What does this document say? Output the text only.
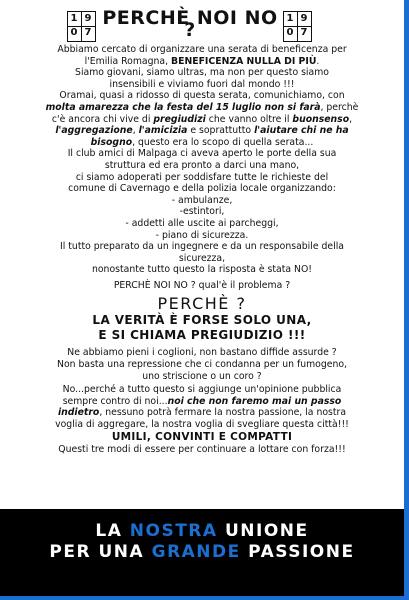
1 9
0 7
PERCHÈ NOI NO ?
1 9
0 7

Abbiamo cercato di organizzare una serata di beneficenza per

l'Emilia Romagna, BENEFICENZA NULLA DI PIÙ.

Siamo giovani, siamo ultras, ma non per questo siamo

insensibili e viviamo fuori dal mondo !!!

Oramai, quasi a ridosso di questa serata, comunichiamo, con

molta amarezza che la festa del 15 luglio non si farà, perchè

c'è ancora chi vive di pregiudizi che vanno oltre il buonsenso,

l'aggregazione, l'amicizia e soprattutto l'aiutare chi ne ha

bisogno, questo era lo scopo di quella serata...

Il club amici di Malpaga ci aveva aperto le porte della sua

struttura ed era pronto a darci una mano,

ci siamo adoperati per soddisfare tutte le richieste del

comune di Cavernago e della polizia locale organizzando:

- ambulanze,

-estintori,

- addetti alle uscite ai parcheggi,

- piano di sicurezza.

Il tutto preparato da un ingegnere e da un responsabile della

sicurezza,

nonostante tutto questo la risposta è stata NO!

PERCHÈ NOI NO ? qual'è il problema ?

PERCHÈ ?

LA VERITÀ È FORSE SOLO UNA,

E SI CHIAMA PREGIUDIZIO !!!

Ne abbiamo pieni i coglioni, non bastano diffide assurde ?

Non basta una repressione che ci condanna per un fumogeno,

uno striscione o un coro ?

No...perché a tutto questo si aggiunge un'opinione pubblica

sempre contro di noi...noi che non faremo mai un passo

indietro, nessuno potrà fermare la nostra passione, la nostra

voglia di aggregare, la nostra voglia di svegliare questa città!!!

UMILI, CONVINTI E COMPATTI

Questi tre modi di essere per continuare a lottare con forza!!!

LA NOSTRA UNIONE
PER UNA GRANDE PASSIONE
